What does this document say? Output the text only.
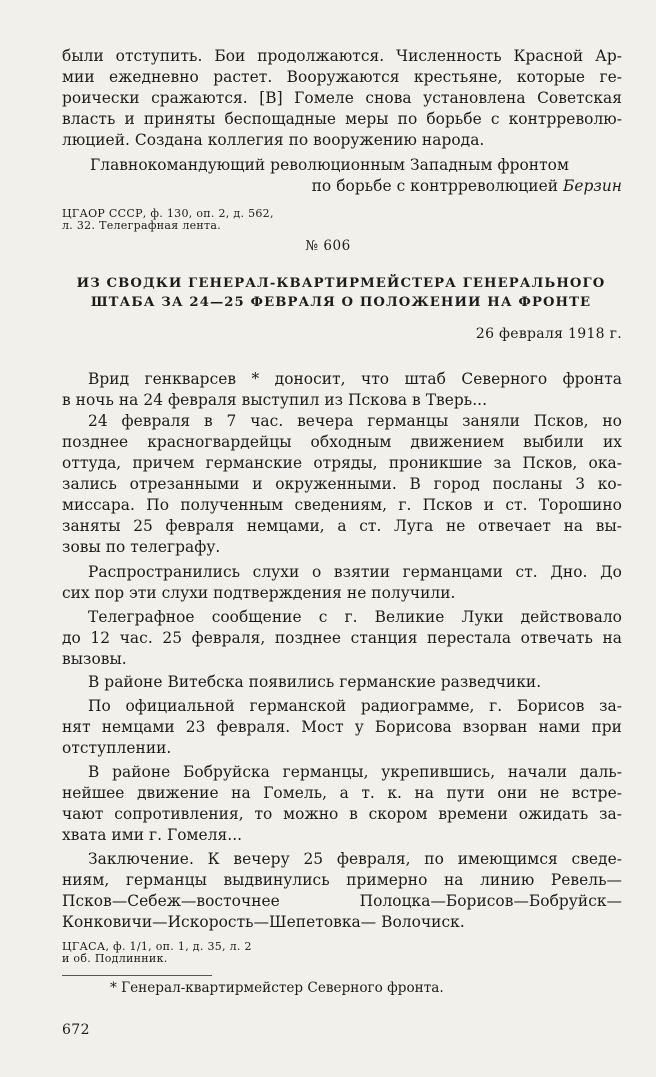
были отступить. Бои продолжаются. Численность Красной Ар-
мии ежедневно растет. Вооружаются крестьяне, которые ге-
роически сражаются. [В] Гомеле снова установлена Советская
власть и приняты беспощадные меры по борьбе с контрреволю-
люцией. Создана коллегия по вооружению народа.
Главнокомандующий революционным Западным фронтом
по борьбе с контрреволюцией Берзин
ЦГАОР СССР, ф. 130, оп. 2, д. 562,
л. 32. Телеграфная лента.
№ 606
ИЗ СВОДКИ ГЕНЕРАЛ-КВАРТИРМЕЙСТЕРА ГЕНЕРАЛЬНОГО
ШТАБА ЗА 24—25 ФЕВРАЛЯ О ПОЛОЖЕНИИ НА ФРОНТЕ
26 февраля 1918 г.
Врид генкварсев * доносит, что штаб Северного фронта
в ночь на 24 февраля выступил из Пскова в Тверь...
24 февраля в 7 час. вечера германцы заняли Псков, но
позднее красногвардейцы обходным движением выбили их
оттуда, причем германские отряды, проникшие за Псков, ока-
зались отрезанными и окруженными. В город посланы 3 ко-
миссара. По полученным сведениям, г. Псков и ст. Торошино
заняты 25 февраля немцами, а ст. Луга не отвечает на вы-
зовы по телеграфу.
Распространились слухи о взятии германцами ст. Дно. До
сих пор эти слухи подтверждения не получили.
Телеграфное сообщение с г. Великие Луки действовало
до 12 час. 25 февраля, позднее станция перестала отвечать на
вызовы.
В районе Витебска появились германские разведчики.
По официальной германской радиограмме, г. Борисов за-
нят немцами 23 февраля. Мост у Борисова взорван нами при
отступлении.
В районе Бобруйска германцы, укрепившись, начали даль-
нейшее движение на Гомель, а т. к. на пути они не встре-
чают сопротивления, то можно в скором времени ожидать за-
хвата ими г. Гомеля...
Заключение. К вечеру 25 февраля, по имеющимся сведе-
ниям, германцы выдвинулись примерно на линию Ревель—
Псков—Себеж—восточнее Полоцка—Борисов—Бобруйск—
Конковичи—Искорость—Шепетовка— Волочиск.
ЦГАСА, ф. 1/1, оп. 1, д. 35, л. 2
и об. Подлинник.
* Генерал-квартирмейстер Северного фронта.
672
